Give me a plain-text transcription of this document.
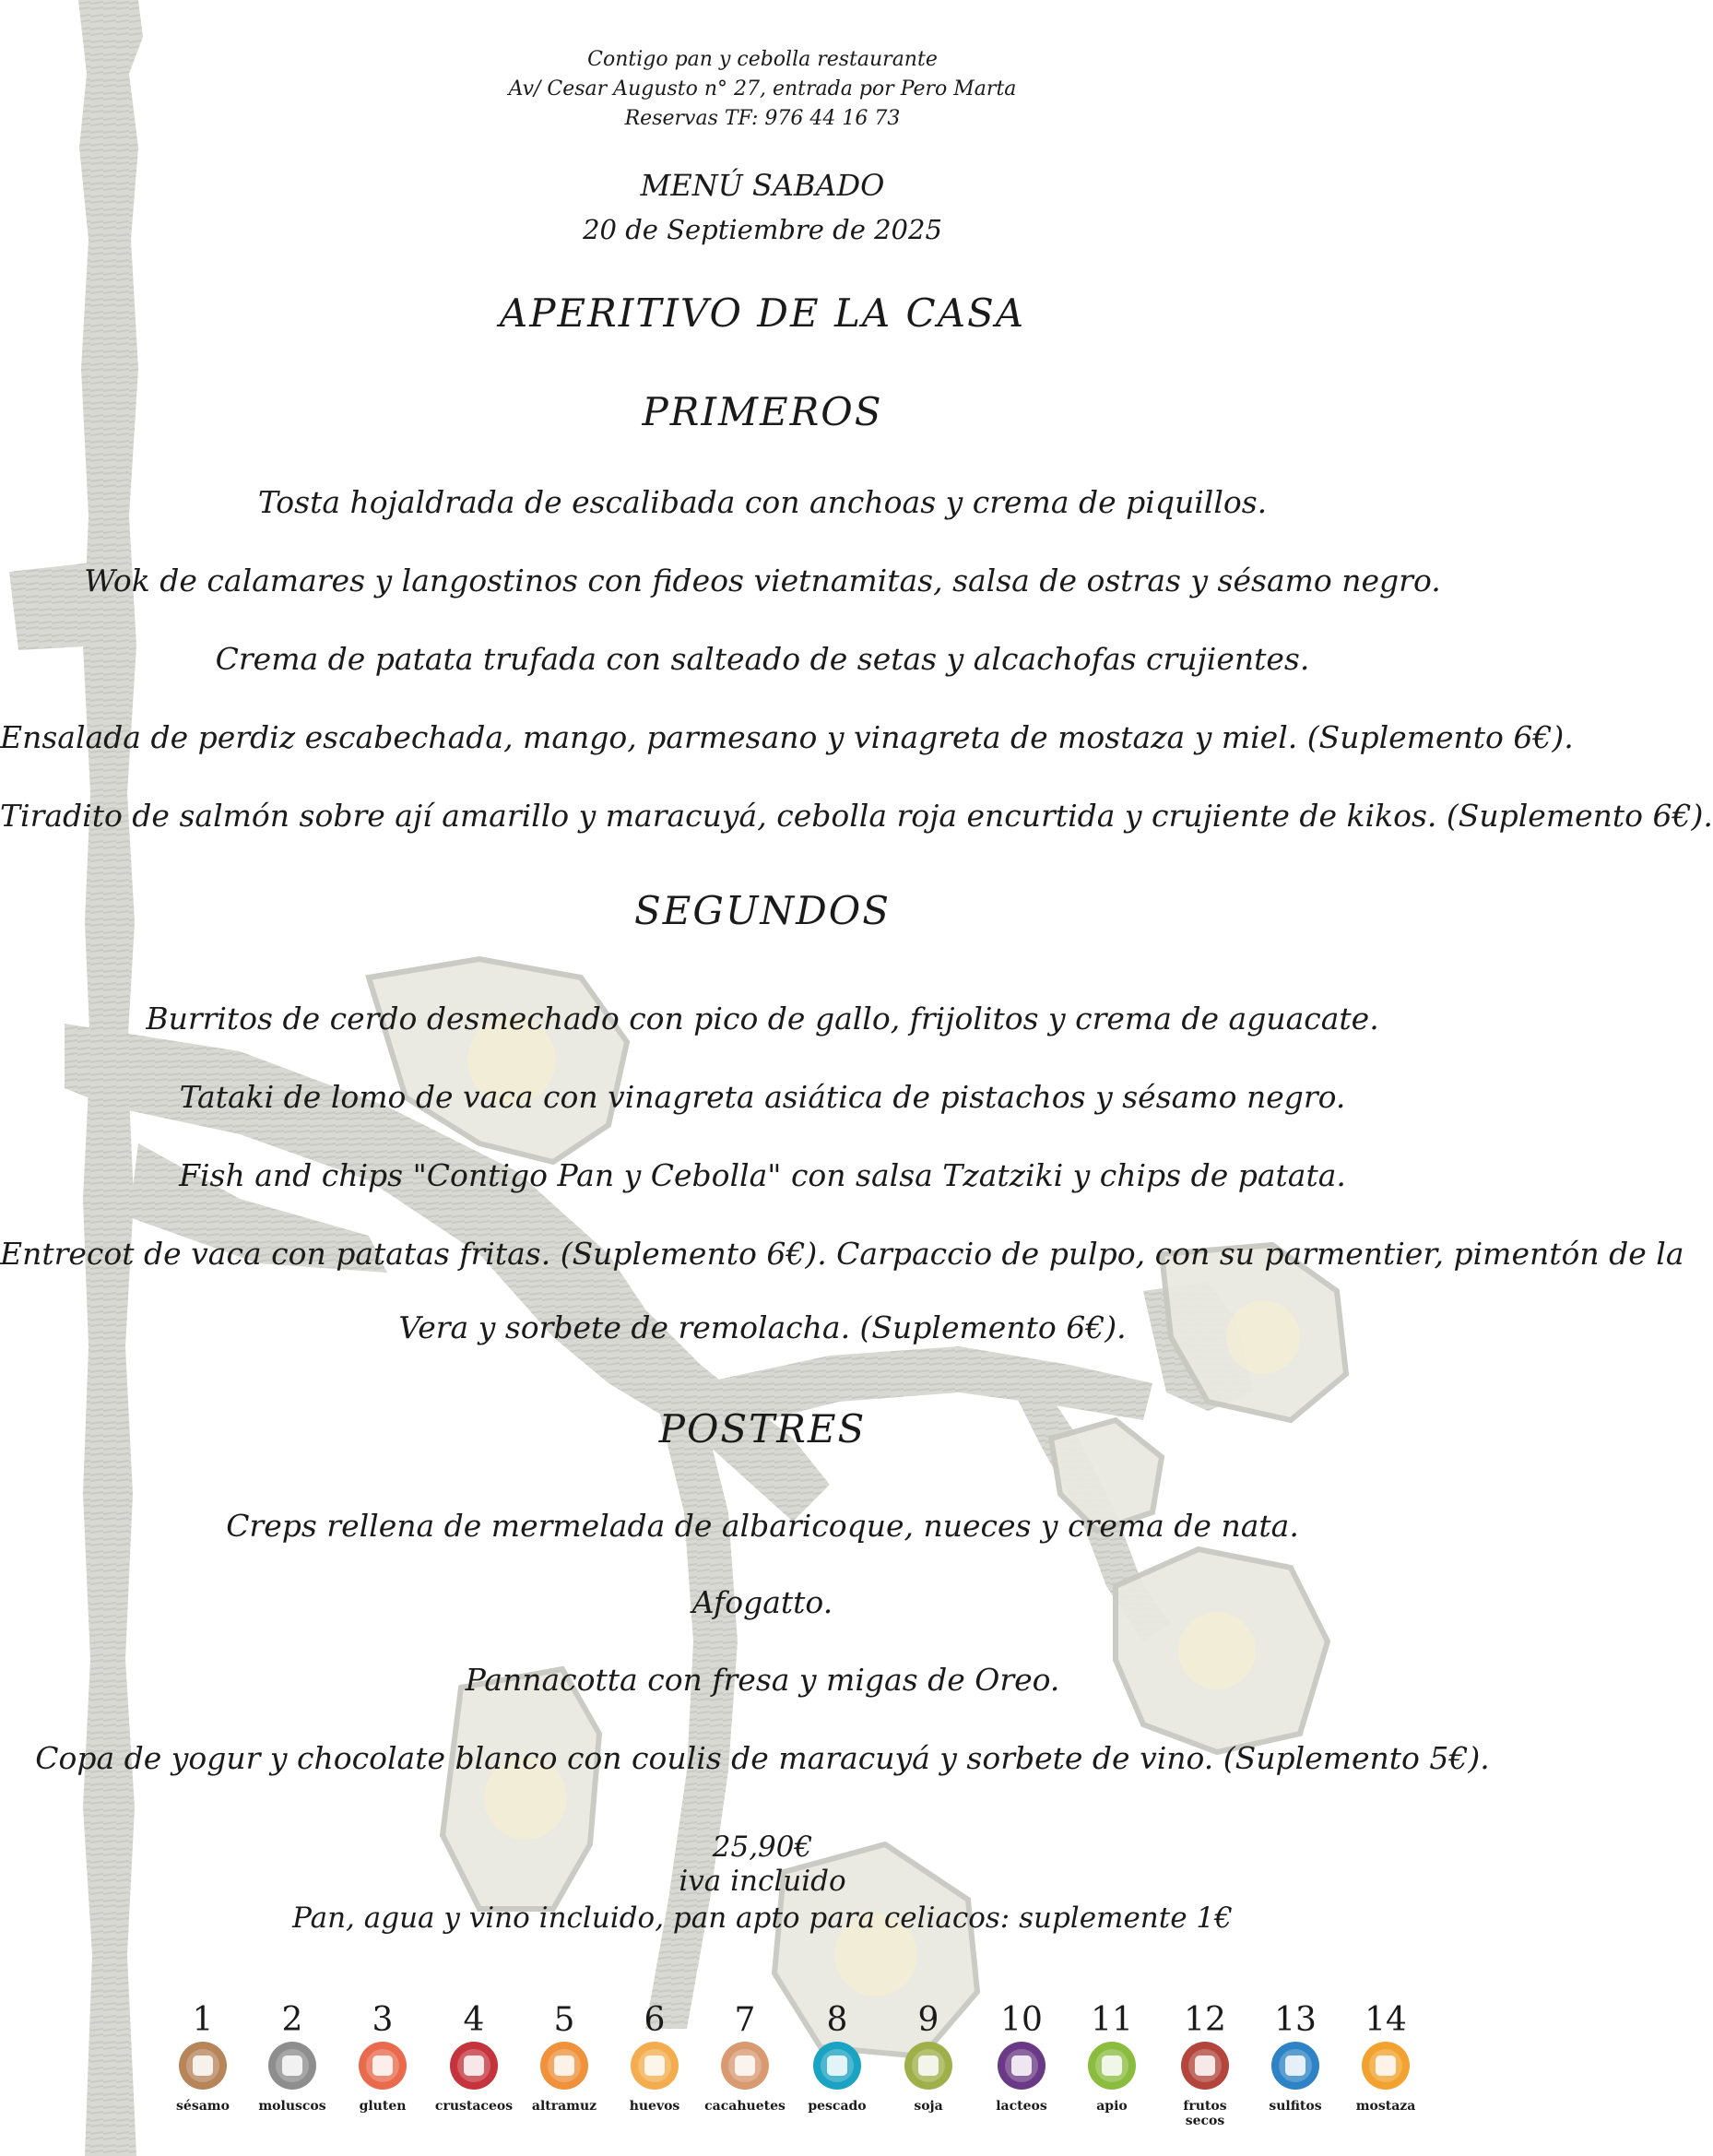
Contigo pan y cebolla restaurante
Av/ Cesar Augusto n° 27, entrada por Pero Marta
Reservas TF: 976 44 16 73
MENÚ SABADO
20 de Septiembre de 2025
APERITIVO DE LA CASA
PRIMEROS
Tosta hojaldrada de escalibada con anchoas y crema de piquillos.
Wok de calamares y langostinos con fideos vietnamitas, salsa de ostras y sésamo negro.
Crema de patata trufada con salteado de setas y alcachofas crujientes.
Ensalada de perdiz escabechada, mango, parmesano y vinagreta de mostaza y miel. (Suplemento 6€).
Tiradito de salmón sobre ají amarillo y maracuyá, cebolla roja encurtida y crujiente de kikos. (Suplemento 6€).
SEGUNDOS
Burritos de cerdo desmechado con pico de gallo, frijolitos y crema de aguacate.
Tataki de lomo de vaca con vinagreta asiática de pistachos y sésamo negro.
Fish and chips "Contigo Pan y Cebolla" con salsa Tzatziki y chips de patata.
Entrecot de vaca con patatas fritas. (Suplemento 6€). Carpaccio de pulpo, con su parmentier, pimentón de la
Vera y sorbete de remolacha. (Suplemento 6€).
POSTRES
Creps rellena de mermelada de albaricoque, nueces y crema de nata.
Afogatto.
Pannacotta con fresa y migas de Oreo.
Copa de yogur y chocolate blanco con coulis de maracuyá y sorbete de vino. (Suplemento 5€).
25,90€
iva incluido
Pan, agua y vino incluido, pan apto para celiacos: suplemente 1€
1
sésamo
2
moluscos
3
gluten
4
crustaceos
5
altramuz
6
huevos
7
cacahuetes
8
pescado
9
soja
10
lacteos
11
apio
12
frutos secos
13
sulfitos
14
mostaza
